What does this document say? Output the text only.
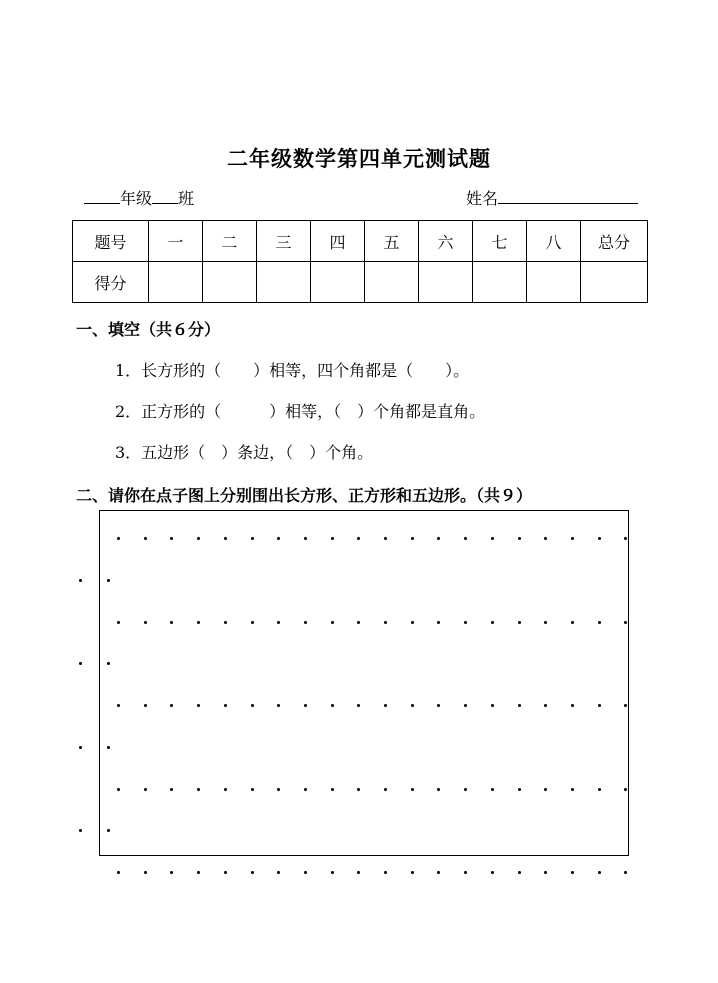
二年级数学第四单元测试题
年级 班	姓名
题号	一	二	三	四	五	六	七	八	总分
得分									
一、填空（共６分）
1．长方形的（　　）相等，四个角都是（　　）。
2．正方形的（　　　）相等，（　）个角都是直角。
3．五边形（　）条边，（　）个角。
二、请你在点子图上分别围出长方形、正方形和五边形。（共９）
